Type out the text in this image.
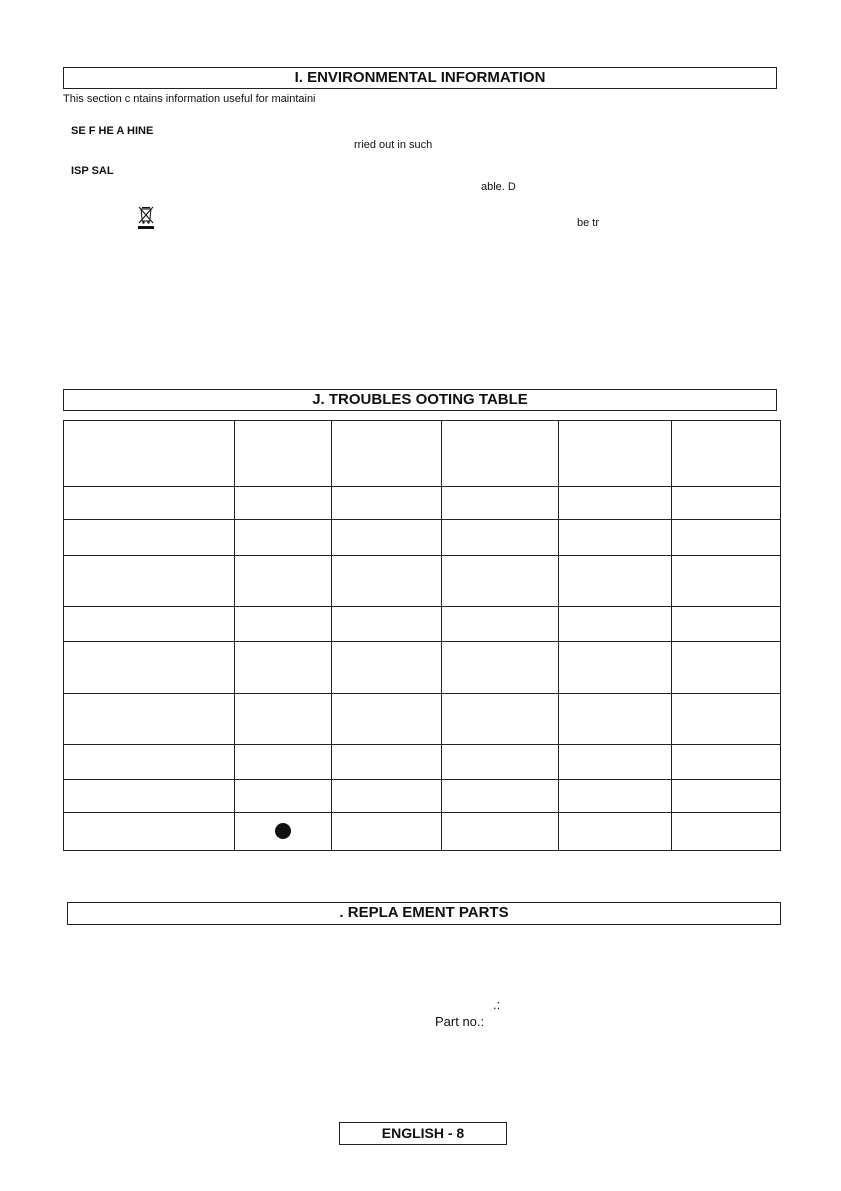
I. ENVIRONMENTAL INFORMATION
This section c ntains information useful for maintaini
SE F HE A HINE
rried out in such
ISP SAL
able. D
be tr
J. TROUBLES OOTING TABLE
. REPLA EMENT PARTS
.:
Part no.:
ENGLISH - 8
